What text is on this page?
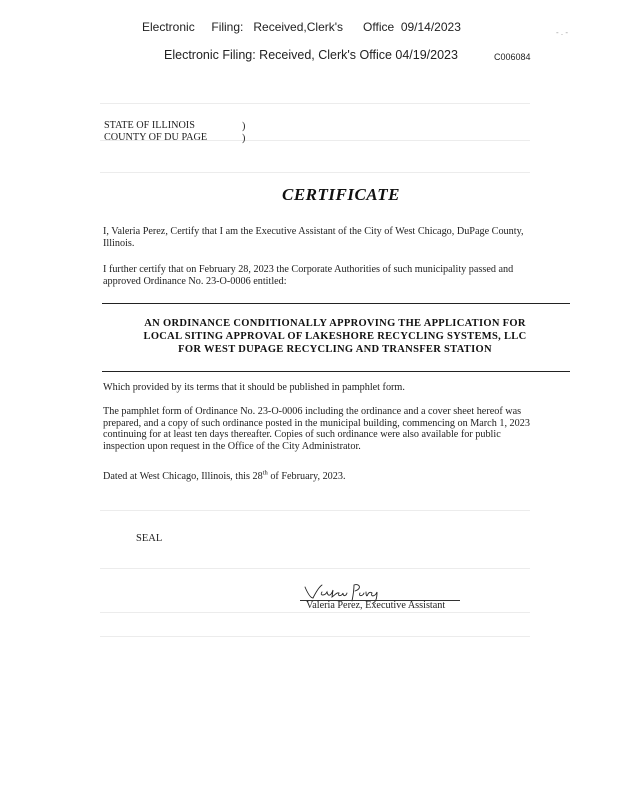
Electronic     Filing:   Received,Clerk's      Office  09/14/2023
Electronic Filing: Received, Clerk's Office 04/19/2023	C006084
- . -
STATE OF ILLINOIS	)
COUNTY OF DU PAGE	)
CERTIFICATE
I, Valeria Perez, Certify that I am the Executive Assistant of the City of West Chicago, DuPage County, Illinois.
I further certify that on February 28, 2023 the Corporate Authorities of such municipality passed and approved Ordinance No. 23-O-0006 entitled:
AN ORDINANCE CONDITIONALLY APPROVING THE APPLICATION FOR
LOCAL SITING APPROVAL OF LAKESHORE RECYCLING SYSTEMS, LLC
FOR WEST DUPAGE RECYCLING AND TRANSFER STATION
Which provided by its terms that it should be published in pamphlet form.
The pamphlet form of Ordinance No. 23-O-0006 including the ordinance and a cover sheet hereof was prepared, and a copy of such ordinance posted in the municipal building, commencing on March 1, 2023 continuing for at least ten days thereafter. Copies of such ordinance were also available for public inspection upon request in the Office of the City Administrator.
Dated at West Chicago, Illinois, this 28th of February, 2023.
SEAL
Valeria Perez, Executive Assistant
